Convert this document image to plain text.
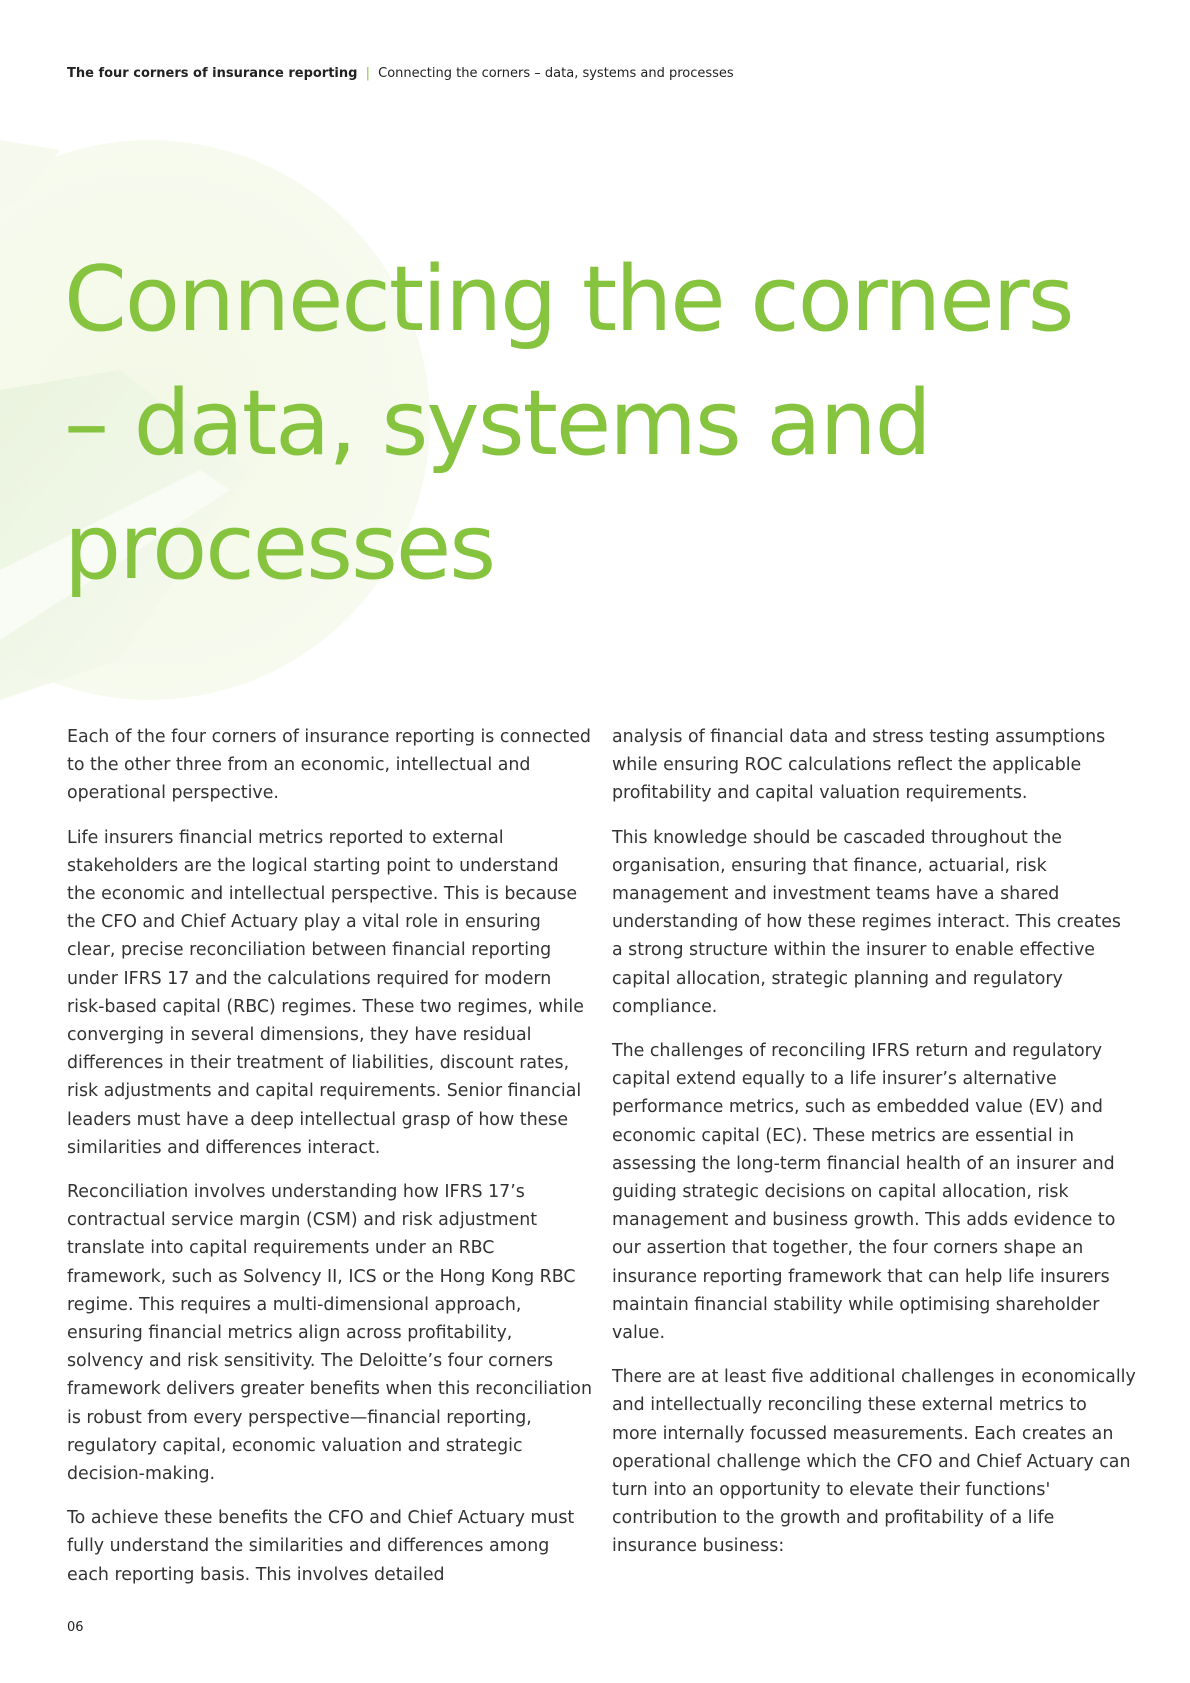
The four corners of insurance reporting | Connecting the corners – data, systems and processes
Connecting the corners
– data, systems and
processes

Each of the four corners of insurance reporting is connected to the other three from an economic, intellectual and operational perspective.

Life insurers financial metrics reported to external stakeholders are the logical starting point to understand the economic and intellectual perspective. This is because the CFO and Chief Actuary play a vital role in ensuring clear, precise reconciliation between financial reporting under IFRS 17 and the calculations required for modern risk-based capital (RBC) regimes. These two regimes, while converging in several dimensions, they have residual differences in their treatment of liabilities, discount rates, risk adjustments and capital requirements. Senior financial leaders must have a deep intellectual grasp of how these similarities and differences interact.

Reconciliation involves understanding how IFRS 17’s contractual service margin (CSM) and risk adjustment translate into capital requirements under an RBC framework, such as Solvency II, ICS or the Hong Kong RBC regime. This requires a multi-dimensional approach, ensuring financial metrics align across profitability, solvency and risk sensitivity. The Deloitte’s four corners framework delivers greater benefits when this reconciliation is robust from every perspective—financial reporting, regulatory capital, economic valuation and strategic decision-making.

To achieve these benefits the CFO and Chief Actuary must fully understand the similarities and differences among each reporting basis. This involves detailed

analysis of financial data and stress testing assumptions while ensuring ROC calculations reflect the applicable profitability and capital valuation requirements.

This knowledge should be cascaded throughout the organisation, ensuring that finance, actuarial, risk management and investment teams have a shared understanding of how these regimes interact. This creates a strong structure within the insurer to enable effective capital allocation, strategic planning and regulatory compliance.

The challenges of reconciling IFRS return and regulatory capital extend equally to a life insurer’s alternative performance metrics, such as embedded value (EV) and economic capital (EC). These metrics are essential in assessing the long-term financial health of an insurer and guiding strategic decisions on capital allocation, risk management and business growth. This adds evidence to our assertion that together, the four corners shape an insurance reporting framework that can help life insurers maintain financial stability while optimising shareholder value.

There are at least five additional challenges in economically and intellectually reconciling these external metrics to more internally focussed measurements. Each creates an operational challenge which the CFO and Chief Actuary can turn into an opportunity to elevate their functions' contribution to the growth and profitability of a life insurance business:

06
